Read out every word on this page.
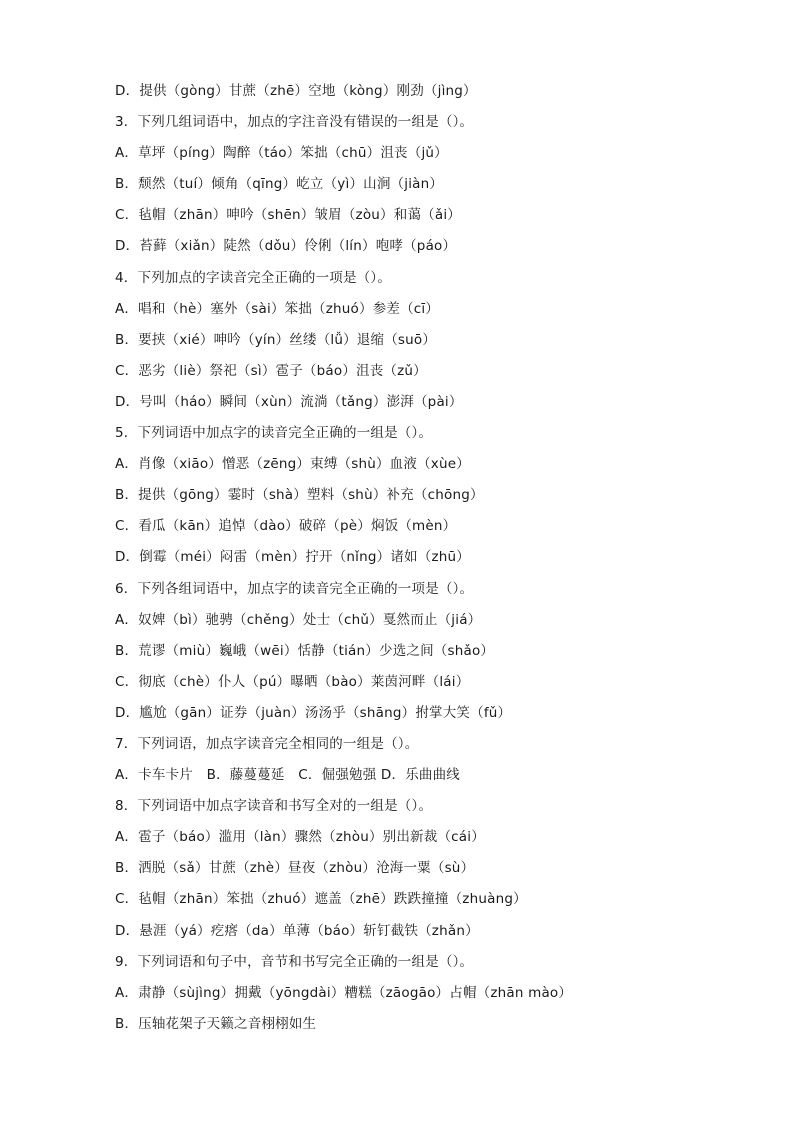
D．提供（gòng）甘蔗（zhē）空地（kòng）刚劲（jìng）
3．下列几组词语中，加点的字注音没有错误的一组是（）。
A．草坪（píng）陶醉（táo）笨拙（chū）沮丧（jǔ）
B．颓然（tuí）倾角（qīng）屹立（yì）山涧（jiàn）
C．毡帽（zhān）呻吟（shēn）皱眉（zòu）和蔼（ǎi）
D．苔藓（xiǎn）陡然（dǒu）伶俐（lín）咆哮（páo）
4．下列加点的字读音完全正确的一项是（）。
A．唱和（hè）塞外（sài）笨拙（zhuó）参差（cī）
B．要挟（xié）呻吟（yín）丝缕（lǚ）退缩（suō）
C．恶劣（liè）祭祀（sì）雹子（báo）沮丧（zǔ）
D．号叫（háo）瞬间（xùn）流淌（tǎng）澎湃（pài）
5．下列词语中加点字的读音完全正确的一组是（）。
A．肖像（xiāo）憎恶（zēng）束缚（shù）血液（xùe）
B．提供（gōng）霎时（shà）塑料（shù）补充（chōng）
C．看瓜（kān）追悼（dào）破碎（pè）焖饭（mèn）
D．倒霉（méi）闷雷（mèn）拧开（nǐng）诸如（zhū）
6．下列各组词语中，加点字的读音完全正确的一项是（）。
A．奴婢（bì）驰骋（chěng）处士（chǔ）戛然而止（jiá）
B．荒谬（miù）巍峨（wēi）恬静（tián）少选之间（shǎo）
C．彻底（chè）仆人（pú）曝晒（bào）莱茵河畔（lái）
D．尴尬（gān）证券（juàn）汤汤乎（shāng）拊掌大笑（fǔ）
7．下列词语，加点字读音完全相同的一组是（）。
A．卡车卡片　B．藤蔓蔓延　C．倔强勉强 D．乐曲曲线
8．下列词语中加点字读音和书写全对的一组是（）。
A．雹子（báo）滥用（làn）骤然（zhòu）别出新裁（cái）
B．洒脱（sǎ）甘蔗（zhè）昼夜（zhòu）沧海一粟（sù）
C．毡帽（zhān）笨拙（zhuó）遮盖（zhē）跌跌撞撞（zhuàng）
D．悬涯（yá）疙瘩（da）单薄（báo）斩钉截铁（zhǎn）
9．下列词语和句子中，音节和书写完全正确的一组是（）。
A．肃静（sùjìng）拥戴（yōngdài）糟糕（zāogāo）占帽（zhān mào）
B．压轴花架子天籁之音栩栩如生
